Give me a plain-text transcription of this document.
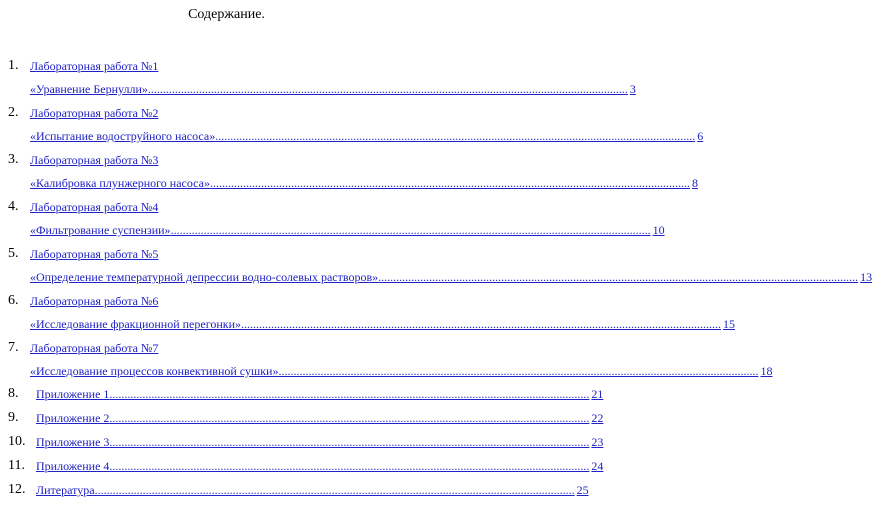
Содержание.
1. Лабораторная работа №1
«Уравнение Бернулли» ................................................................................................................................................................ 3
2. Лабораторная работа №2
«Испытание водоструйного насоса» ................................................................................................................................................................ 6
3. Лабораторная работа №3
«Калибровка плунжерного насоса» ................................................................................................................................................................ 8
4. Лабораторная работа №4
«Фильтрование суспензии» ................................................................................................................................................................ 10
5. Лабораторная работа №5
«Определение температурной депрессии водно-солевых растворов» ................................................................................................................................................................ 13
6. Лабораторная работа №6
«Исследование фракционной перегонки» ................................................................................................................................................................ 15
7. Лабораторная работа №7
«Исследование процессов конвективной сушки» ................................................................................................................................................................ 18
8. Приложение 1 ................................................................................................................................................................ 21
9. Приложение 2 ................................................................................................................................................................ 22
10. Приложение 3 ................................................................................................................................................................ 23
11. Приложение 4 ................................................................................................................................................................ 24
12. Литература ................................................................................................................................................................ 25
